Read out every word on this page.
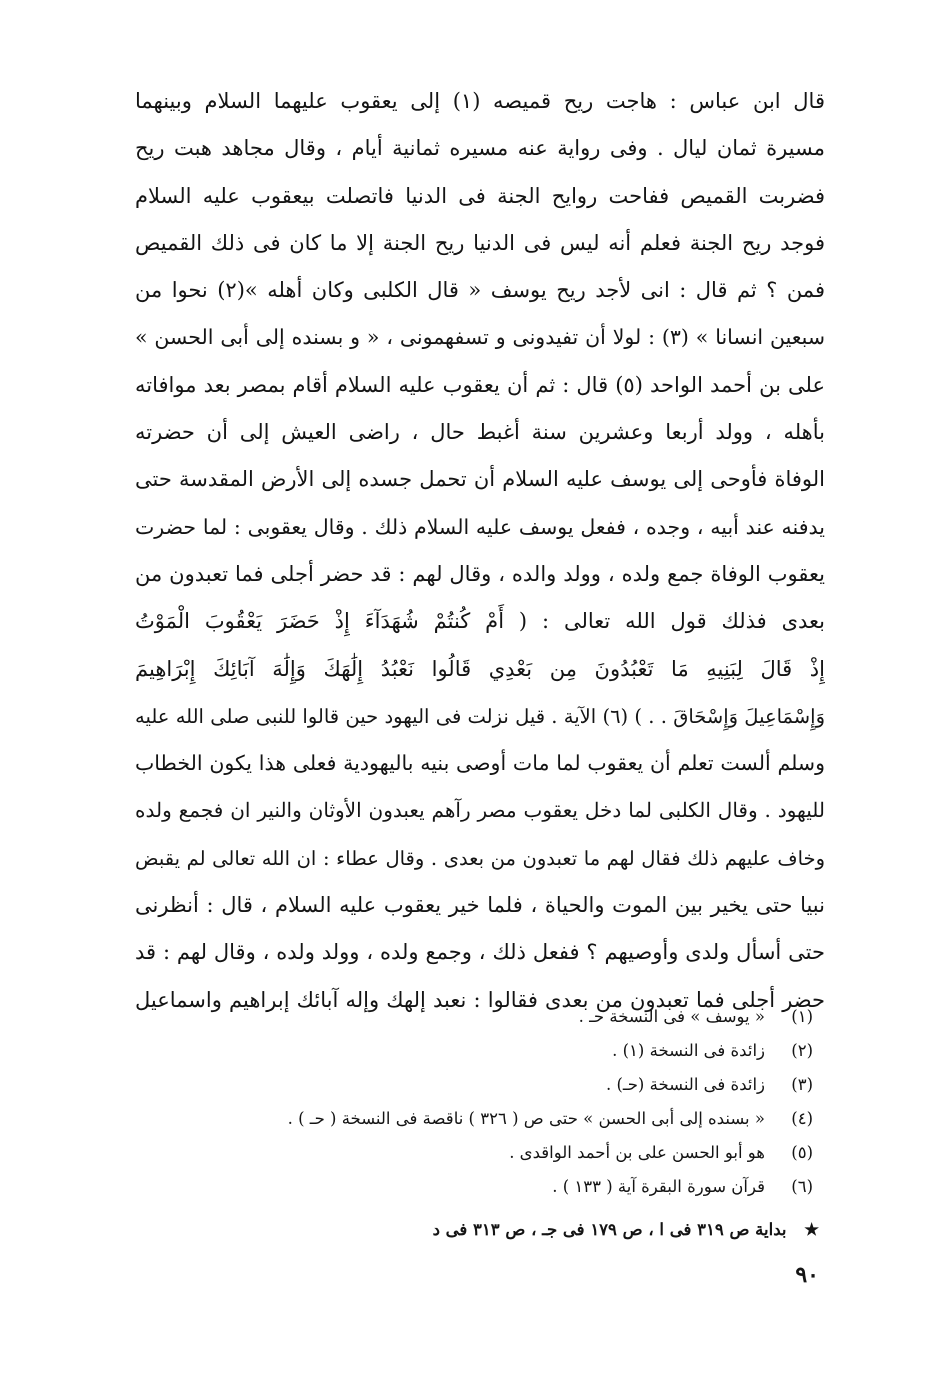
قال ابن عباس : هاجت ريح قميصه (١) إلى يعقوب عليهما السلام وبينهما
مسيرة ثمان ليال . وفى رواية عنه مسيره ثمانية أيام ، وقال مجاهد هبت ريح
فضربت القميص ففاحت روايح الجنة فى الدنيا فاتصلت بيعقوب عليه السلام
فوجد ريح الجنة فعلم أنه ليس فى الدنيا ريح الجنة إلا ما كان فى ذلك القميص
فمن ؟ ثم قال : انى لأجد ريح يوسف « قال الكلبى وكان أهله »(٢) نحوا من
سبعين انسانا » (٣) : لولا أن تفيدونى و تسفهمونى ، « و بسنده إلى أبى الحسن »
على بن أحمد الواحد (٥) قال : ثم أن يعقوب عليه السلام أقام بمصر بعد موافاته
بأهله ، وولد أربعا وعشرين سنة أغبط حال ، راضى العيش إلى أن حضرته
الوفاة فأوحى إلى يوسف عليه السلام أن تحمل جسده إلى الأرض المقدسة حتى
يدفنه عند أبيه ، وجده ، ففعل يوسف عليه السلام ذلك . وقال يعقوبى : لما حضرت
يعقوب الوفاة جمع ولده ، وولد والده ، وقال لهم : قد حضر أجلى فما تعبدون من
بعدى فذلك قول الله تعالى : ( أَمْ كُنتُمْ شُهَدَآءَ إِذْ حَضَرَ يَعْقُوبَ الْمَوْتُ
إِذْ قَالَ لِبَنِيهِ مَا تَعْبُدُونَ مِن بَعْدِي قَالُوا نَعْبُدُ إِلَٰهَكَ وَإِلَٰهَ آبَائِكَ إِبْرَاهِيمَ
وَإِسْمَاعِيلَ وَإِسْحَاقَ . . ) (٦) الآية . قيل نزلت فى اليهود حين قالوا للنبى صلى الله عليه
وسلم ألست تعلم أن يعقوب لما مات أوصى بنيه باليهودية فعلى هذا يكون الخطاب
لليهود . وقال الكلبى لما دخل يعقوب مصر رآهم يعبدون الأوثان والنير ان فجمع ولده
وخاف عليهم ذلك فقال لهم ما تعبدون من بعدى . وقال عطاء : ان الله تعالى لم يقبض
نبيا حتى يخير بين الموت والحياة ، فلما خير يعقوب عليه السلام ، قال : أنظرنى
حتى أسأل ولدى وأوصيهم ؟ ففعل ذلك ، وجمع ولده ، وولد ولده ، وقال لهم : قد
حضر أجلى فما تعبدون من بعدى فقالوا : نعبد إلهك وإله آبائك إبراهيم واسماعيل
(١)
« يوسف » فى النسخة حـ .
(٢)
زائدة فى النسخة (١) .
(٣)
زائدة فى النسخة (حـ) .
(٤)
« بسنده إلى أبى الحسن » حتى ص ( ٣٢٦ ) ناقصة فى النسخة ( حـ ) .
(٥)
هو أبو الحسن على بن أحمد الواقدى .
(٦)
قرآن سورة البقرة آية ( ١٣٣ ) .
★ بداية ص ٣١٩ فى ا ، ص ١٧٩ فى جـ ، ص ٣١٣ فى د
٩٠
